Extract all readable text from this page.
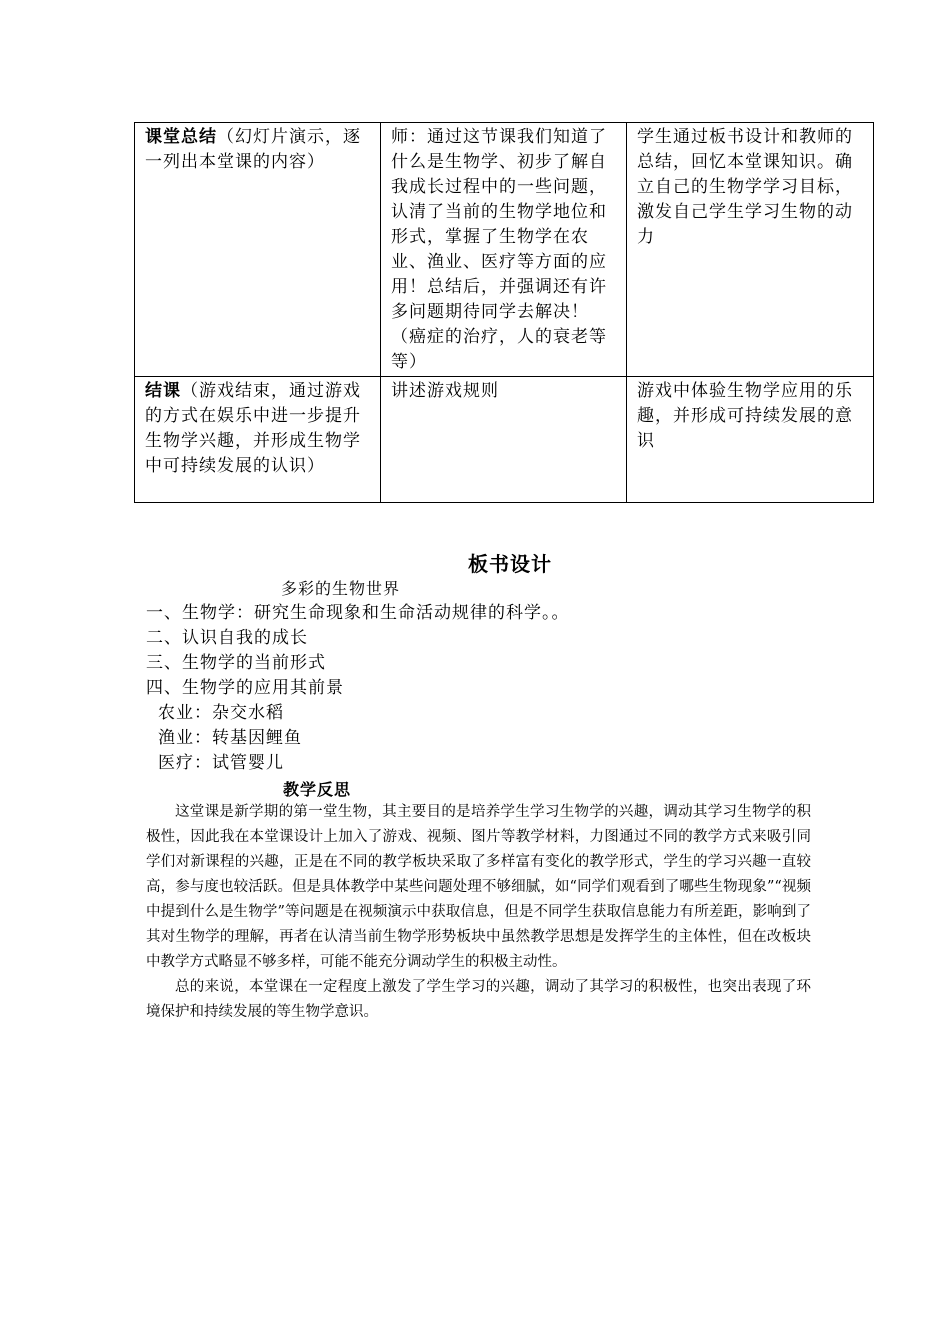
课堂总结（幻灯片演示，逐一列出本堂课的内容）	师：通过这节课我们知道了什么是生物学、初步了解自我成长过程中的一些问题，认清了当前的生物学地位和形式，掌握了生物学在农业、渔业、医疗等方面的应用！总结后，并强调还有许多问题期待同学去解决！（癌症的治疗，人的衰老等等）	学生通过板书设计和教师的总结，回忆本堂课知识。确立自己的生物学学习目标，激发自己学生学习生物的动力
结课（游戏结束，通过游戏的方式在娱乐中进一步提升生物学兴趣，并形成生物学中可持续发展的认识）	讲述游戏规则	游戏中体验生物学应用的乐趣，并形成可持续发展的意识
板书设计
多彩的生物世界
一、生物学：研究生命现象和生命活动规律的科学。。
二、认识自我的成长
三、生物学的当前形式
四、生物学的应用其前景
农业：杂交水稻
渔业：转基因鲤鱼
医疗：试管婴儿
教学反思

这堂课是新学期的第一堂生物，其主要目的是培养学生学习生物学的兴趣，调动其学习生物学的积极性，因此我在本堂课设计上加入了游戏、视频、图片等教学材料，力图通过不同的教学方式来吸引同学们对新课程的兴趣，正是在不同的教学板块采取了多样富有变化的教学形式，学生的学习兴趣一直较高，参与度也较活跃。但是具体教学中某些问题处理不够细腻，如“同学们观看到了哪些生物现象”“视频中提到什么是生物学”等问题是在视频演示中获取信息，但是不同学生获取信息能力有所差距，影响到了其对生物学的理解，再者在认清当前生物学形势板块中虽然教学思想是发挥学生的主体性，但在改板块中教学方式略显不够多样，可能不能充分调动学生的积极主动性。

总的来说，本堂课在一定程度上激发了学生学习的兴趣，调动了其学习的积极性，也突出表现了环境保护和持续发展的等生物学意识。
